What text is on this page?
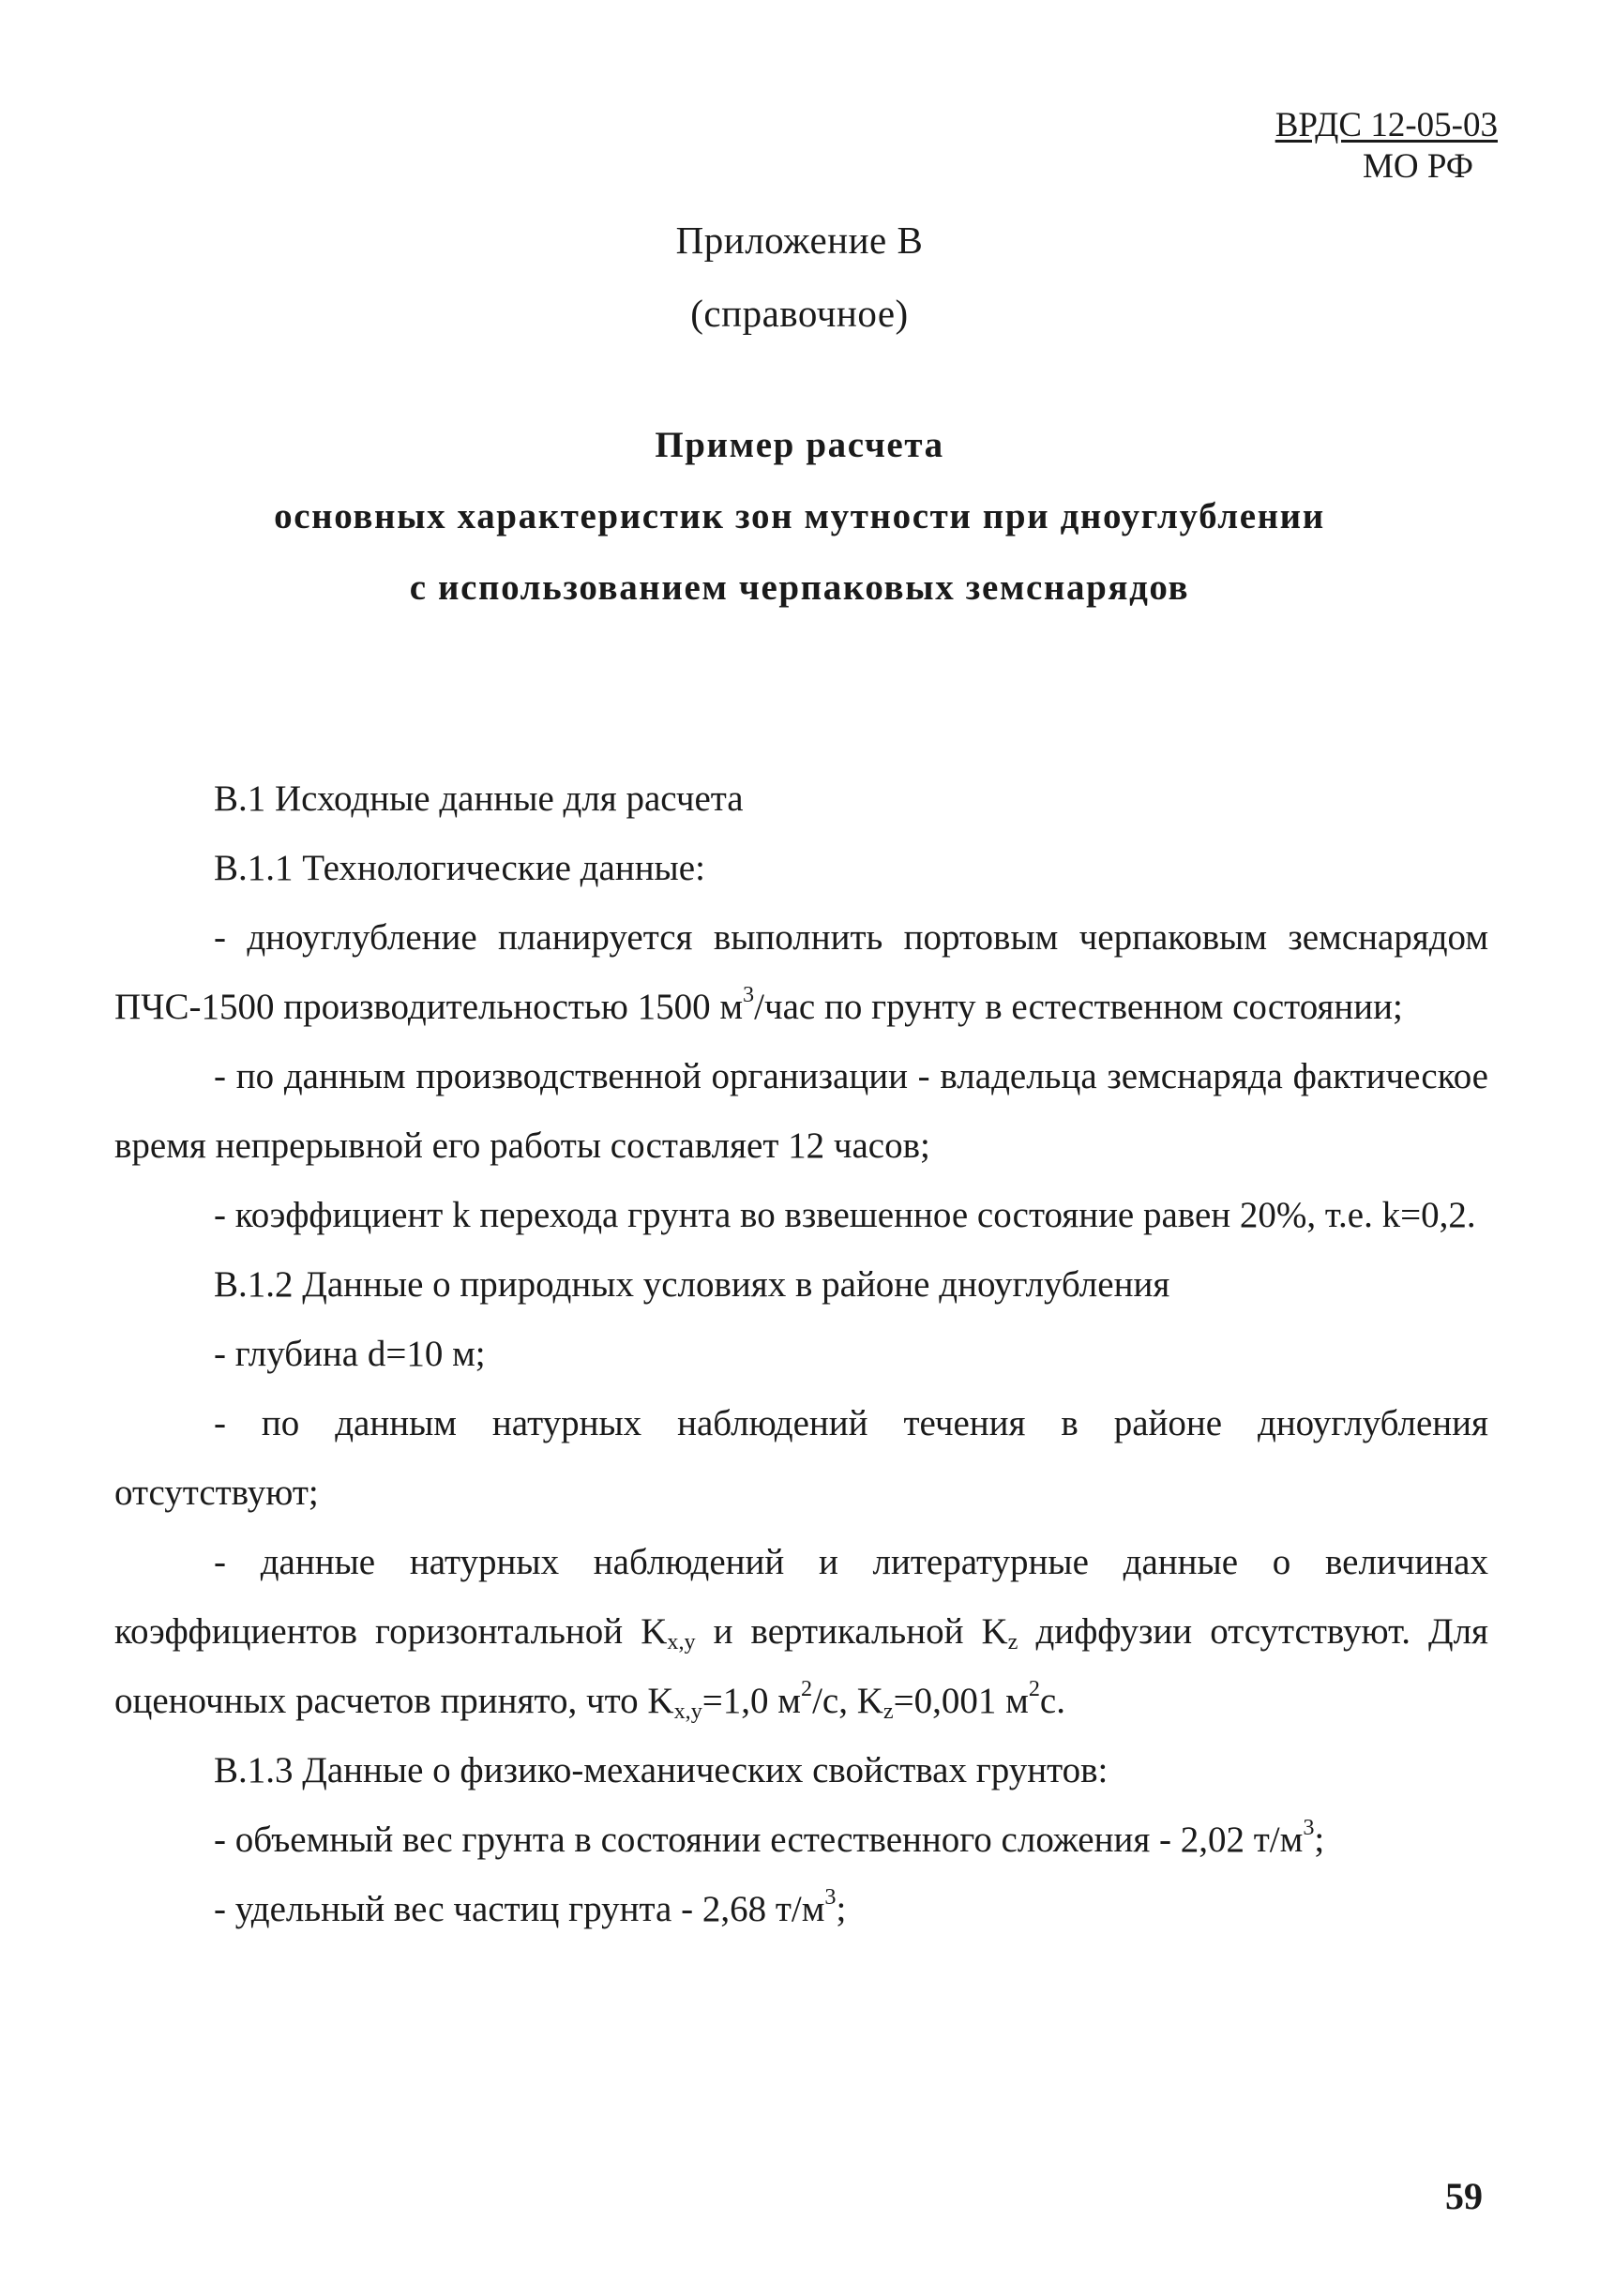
ВРДС 12-05-03
МО РФ
Приложение В
(справочное)
Пример расчета
основных характеристик зон мутности при дноуглублении
с использованием черпаковых земснарядов

В.1 Исходные данные для расчета

В.1.1 Технологические данные:

- дноуглубление планируется выполнить портовым черпаковым земснарядом ПЧС-1500 производительностью 1500 $м^3$/час по грунту в естественном состоянии;

- по данным производственной организации - владельца земснаряда фактическое время непрерывной его работы составляет 12 часов;

- коэффициент k перехода грунта во взвешенное состояние равен 20%, т.е. k=0,2.

В.1.2 Данные о природных условиях в районе дноуглубления

- глубина d=10 м;

- по данным натурных наблюдений течения в районе дноуглубления отсутствуют;

- данные натурных наблюдений и литературные данные о величинах коэффициентов горизонтальной $K_{x,y}$ и вертикальной $K_z$ диффузии отсутствуют. Для оценочных расчетов принято, что $K_{x,y}=1,0$ $м^2/с$, $K_z=0,001$ $м^2с$.

В.1.3 Данные о физико-механических свойствах грунтов:

- объемный вес грунта в состоянии естественного сложения - 2,02 $т/м^3$;

- удельный вес частиц грунта - 2,68 $т/м^3$;

59
